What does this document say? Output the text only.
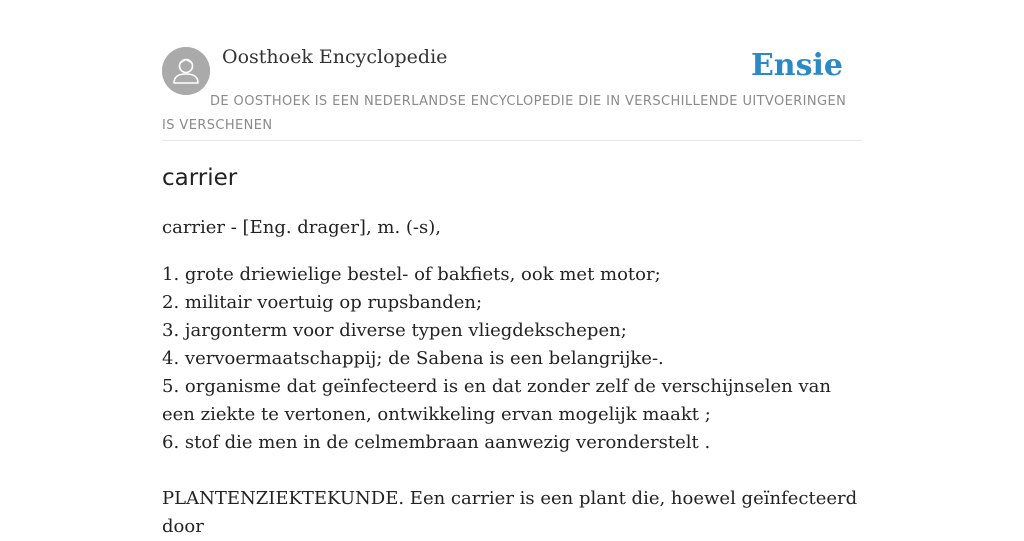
Oosthoek Encyclopedie	Ensie
DE OOSTHOEK IS EEN NEDERLANDSE ENCYCLOPEDIE DIE IN VERSCHILLENDE UITVOERINGEN IS VERSCHENEN
carrier

carrier - [Eng. drager], m. (-s),

1. grote driewielige bestel- of bakfiets, ook met motor;

2. militair voertuig op rupsbanden;

3. jargonterm voor diverse typen vliegdekschepen;

4. vervoermaatschappij; de Sabena is een belangrijke-.

5. organisme dat geïnfecteerd is en dat zonder zelf de verschijnselen van een ziekte te vertonen, ontwikkeling ervan mogelijk maakt ;

6. stof die men in de celmembraan aanwezig veronderstelt .

PLANTENZIEKTEKUNDE. Een carrier is een plant die, hoewel geïnfecteerd door
